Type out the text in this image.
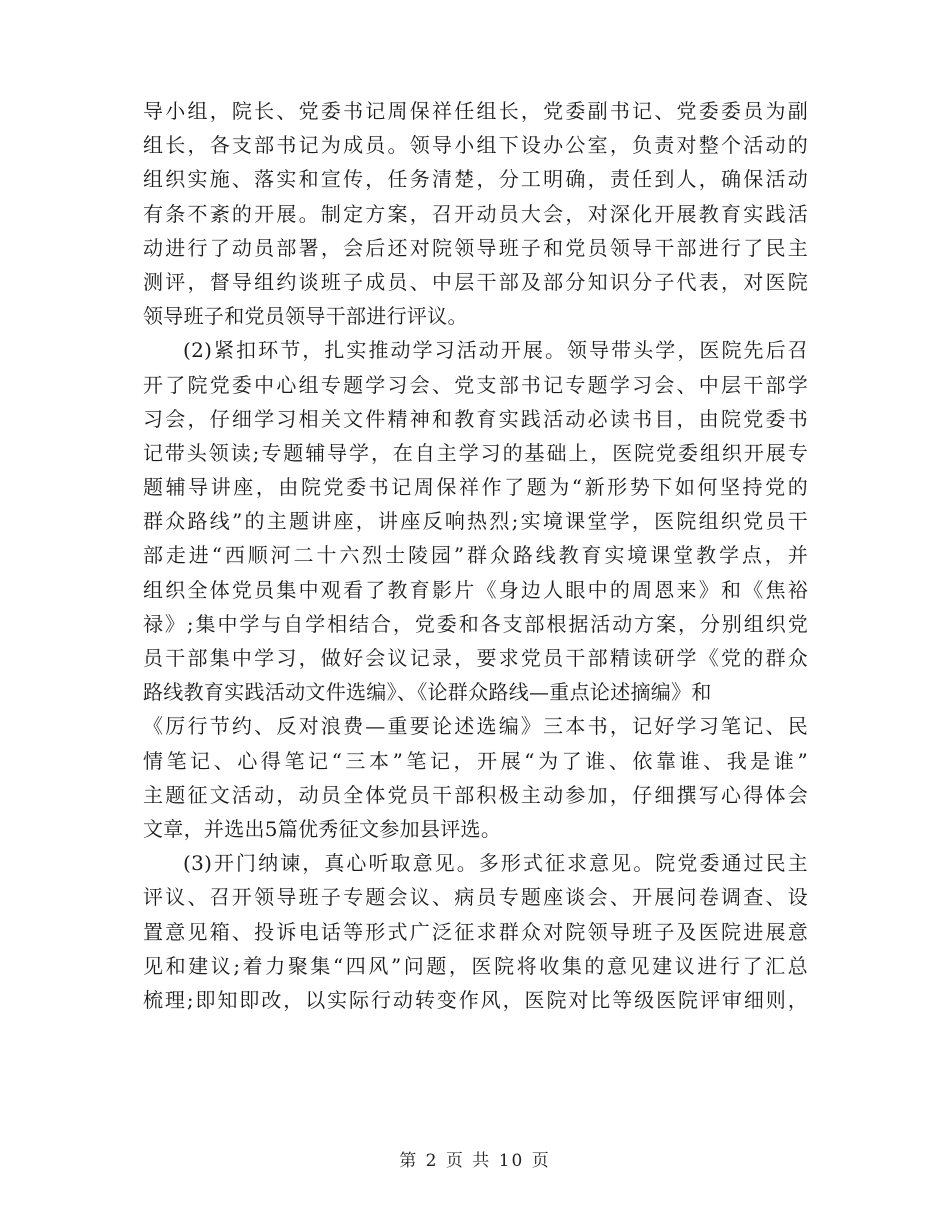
导小组，院长、党委书记周保祥任组长，党委副书记、党委委员为副
组长，各支部书记为成员。领导小组下设办公室，负责对整个活动的
组织实施、落实和宣传，任务清楚，分工明确，责任到人，确保活动
有条不紊的开展。制定方案，召开动员大会，对深化开展教育实践活
动进行了动员部署，会后还对院领导班子和党员领导干部进行了民主
测评，督导组约谈班子成员、中层干部及部分知识分子代表，对医院
领导班子和党员领导干部进行评议。
(2)紧扣环节，扎实推动学习活动开展。领导带头学，医院先后召
开了院党委中心组专题学习会、党支部书记专题学习会、中层干部学
习会，仔细学习相关文件精神和教育实践活动必读书目，由院党委书
记带头领读;专题辅导学，在自主学习的基础上，医院党委组织开展专
题辅导讲座，由院党委书记周保祥作了题为“新形势下如何坚持党的
群众路线”的主题讲座，讲座反响热烈;实境课堂学，医院组织党员干
部走进“西顺河二十六烈士陵园”群众路线教育实境课堂教学点，并
组织全体党员集中观看了教育影片《身边人眼中的周恩来》和《焦裕
禄》;集中学与自学相结合，党委和各支部根据活动方案，分别组织党
员干部集中学习，做好会议记录，要求党员干部精读研学《党的群众
路线教育实践活动文件选编》、《论群众路线—重点论述摘编》和
《厉行节约、反对浪费—重要论述选编》三本书，记好学习笔记、民
情笔记、心得笔记“三本”笔记，开展“为了谁、依靠谁、我是谁”
主题征文活动，动员全体党员干部积极主动参加，仔细撰写心得体会
文章，并选出5篇优秀征文参加县评选。
(3)开门纳谏，真心听取意见。多形式征求意见。院党委通过民主
评议、召开领导班子专题会议、病员专题座谈会、开展问卷调查、设
置意见箱、投诉电话等形式广泛征求群众对院领导班子及医院进展意
见和建议;着力聚集“四风”问题，医院将收集的意见建议进行了汇总
梳理;即知即改，以实际行动转变作风，医院对比等级医院评审细则，
第 2 页 共 10 页
